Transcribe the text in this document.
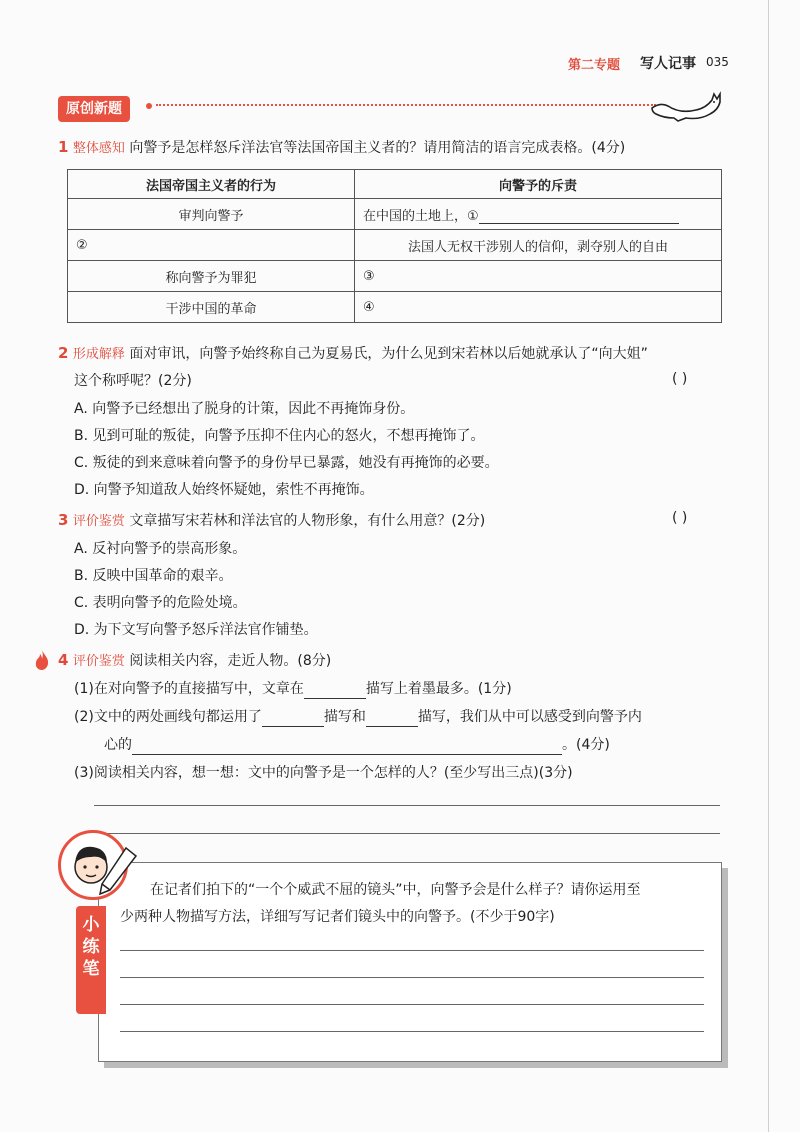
第二专题 写人记事 035
原创新题
1 整体感知 向警予是怎样怒斥洋法官等法国帝国主义者的？请用简洁的语言完成表格。(4分)
法国帝国主义者的行为	向警予的斥责
审判向警予	在中国的土地上，①
②	法国人无权干涉别人的信仰，剥夺别人的自由
称向警予为罪犯	③
干涉中国的革命	④
2 形成解释 面对审讯，向警予始终称自己为夏易氏，为什么见到宋若林以后她就承认了“向大姐”
这个称呼呢？(2分)	( )
A. 向警予已经想出了脱身的计策，因此不再掩饰身份。
B. 见到可耻的叛徒，向警予压抑不住内心的怒火，不想再掩饰了。
C. 叛徒的到来意味着向警予的身份早已暴露，她没有再掩饰的必要。
D. 向警予知道敌人始终怀疑她，索性不再掩饰。
3 评价鉴赏 文章描写宋若林和洋法官的人物形象，有什么用意？(2分)	( )
A. 反衬向警予的崇高形象。
B. 反映中国革命的艰辛。
C. 表明向警予的危险处境。
D. 为下文写向警予怒斥洋法官作铺垫。
4 评价鉴赏 阅读相关内容，走近人物。(8分)
(1)在对向警予的直接描写中，文章在	描写上着墨最多。(1分)
(2)文中的两处画线句都运用了	描写和	描写，我们从中可以感受到向警予内
心的	。(4分)
(3)阅读相关内容，想一想：文中的向警予是一个怎样的人？(至少写出三点)(3分)
小
练
笔
在记者们拍下的“一个个威武不屈的镜头”中，向警予会是什么样子？请你运用至
少两种人物描写方法，详细写写记者们镜头中的向警予。(不少于90字)
